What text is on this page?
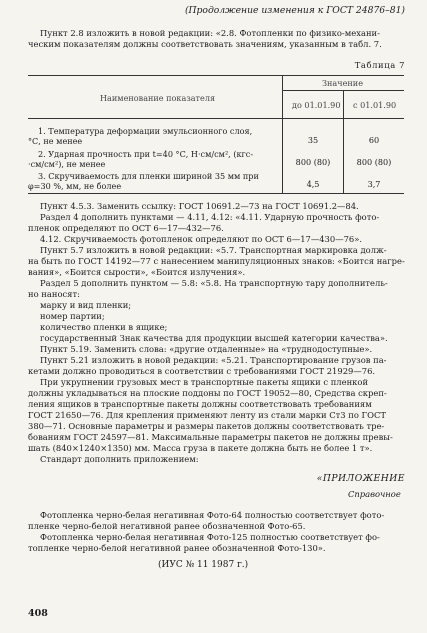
(Продолжение изменения к ГОСТ 24876–81)
Пункт 2.8 изложить в новой редакции: «2.8. Фотопленки по физико-механи-
ческим показателям должны соответствовать значениям, указанным в табл. 7.
Таблица 7
Наименование показателя
Значение
до 01.01.90 с 01.01.90
1. Температура деформации эмульсионного слоя,
°С, не менее	35	60
2. Ударная прочность при t=40 °С, Н·см/см², (кгс-
·см/см²), не менее	800 (80)	800 (80)
3. Скручиваемость для пленки шириной 35 мм при
φ=30 %, мм, не более	4,5	3,7
Пункт 4.5.3. Заменить ссылку: ГОСТ 10691.2—73 на ГОСТ 10691.2—84.
Раздел 4 дополнить пунктами — 4.11, 4.12: «4.11. Ударную прочность фото-
пленок определяют по ОСТ 6—17—432—76.
4.12. Скручиваемость фотопленок определяют по ОСТ 6—17—430—76».
Пункт 5.7 изложить в новой редакции: «5.7. Транспортная маркировка долж-
на быть по ГОСТ 14192—77 с нанесением манипуляционных знаков: «Боится нагре-
вания», «Боится сырости», «Боится излучения».
Раздел 5 дополнить пунктом — 5.8: «5.8. На транспортную тару дополнитель-
но наносят:
марку и вид пленки;
номер партии;
количество пленки в ящике;
государственный Знак качества для продукции высшей категории качества».
Пункт 5.19. Заменить слова: «другие отдаленные» на «труднодоступные».
Пункт 5.21 изложить в новой редакции: «5.21. Транспортирование грузов па-
кетами должно проводиться в соответствии с требованиями ГОСТ 21929—76.
При укрупнении грузовых мест в транспортные пакеты ящики с пленкой
должны укладываться на плоские поддоны по ГОСТ 19052—80, Средства скреп-
ления ящиков в транспортные пакеты должны соответствовать требованиям
ГОСТ 21650—76. Для крепления применяют ленту из стали марки Ст3 по ГОСТ
380—71. Основные параметры и размеры пакетов должны соответствовать тре-
бованиям ГОСТ 24597—81. Максимальные параметры пакетов не должны превы-
шать (840×1240×1350) мм. Масса груза в пакете должна быть не более 1 т».
Стандарт дополнить приложением:
«ПРИЛОЖЕНИЕ
Справочное
Фотопленка черно-белая негативная Фото-64 полностью соответствует фото-
пленке черно-белой негативной ранее обозначенной Фото-65.
Фотопленка черно-белая негативная Фото-125 полностью соответствует фо-
топленке черно-белой негативной ранее обозначенной Фото-130».
(ИУС № 11 1987 г.)
408
